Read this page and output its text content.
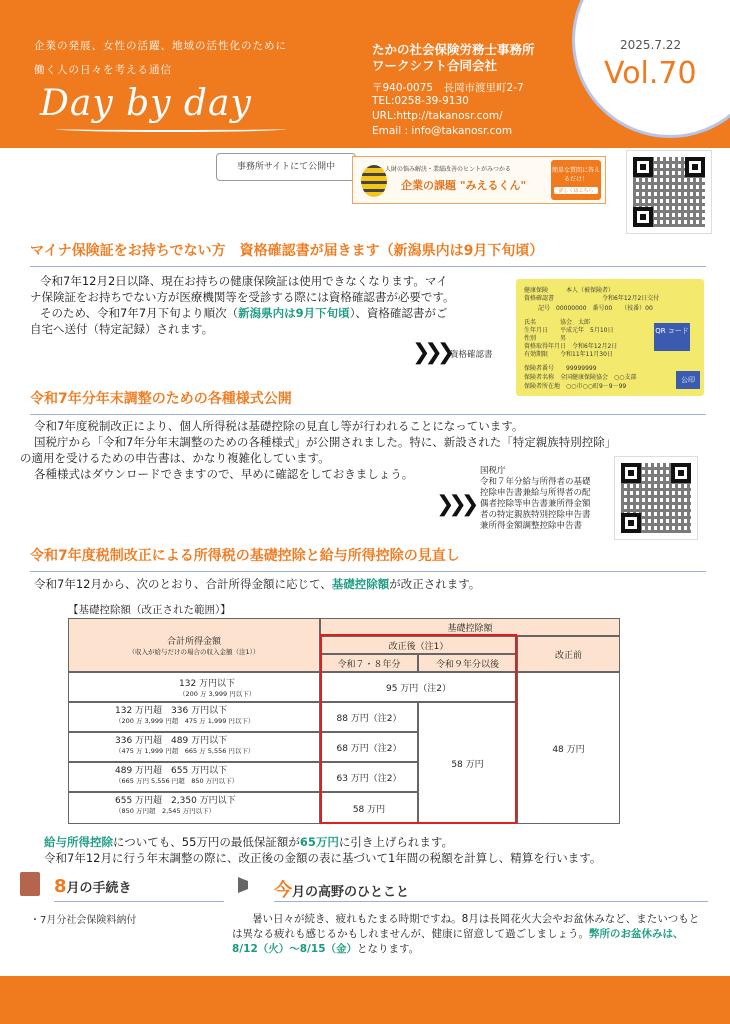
企業の発展、女性の活躍、地域の活性化のために
働く人の日々を考える通信
Day by day
たかの社会保険労務士事務所
ワークシフト合同会社
〒940-0075　長岡市渡里町2-7
TEL:0258-39-9130
URL:http://takanosr.com/
Email : info@takanosr.com
2025.7.22
Vol.70
事務所サイトにて公開中	人財の悩み解決・業績改善のヒントがみつかる
企業の課題 "みえるくん"
簡単な質問に答えるだけ！
詳しくはこちら
マイナ保険証をお持ちでない方　資格確認書が届きます（新潟県内は9月下旬頃）
令和7年12月2日以降、現在お持ちの健康保険証は使用できなくなります。マイ
ナ保険証をお持ちでない方が医療機関等を受診する際には資格確認書が必要です。
そのため、令和7年7月下旬より順次（新潟県内は9月下旬頃）、資格確認書がご
自宅へ送付（特定記録）されます。
❯❯❯ 資格確認書
健康保険　　　本人（被保険者）
資格確認書　　　　　　　　令和6年12月2日交付
記号　00000000　番号00　　（枝番）00
氏名　　　　協会　太郎
生年月日　　平成元年　5月10日
性別　　　　男
資格取得年月日　令和6年12月2日
有効期限　　令和11年11月30日
保険者番号　　99999999
保険者名称　全国健康保険協会　○○支部
保険者所在地　○○市○○町9－9－99
QR コード
公印
令和7年分年末調整のための各種様式公開
令和7年度税制改正により、個人所得税は基礎控除の見直し等が行われることになっています。
国税庁から「令和7年分年末調整のための各種様式」が公開されました。特に、新設された「特定親族特別控除」
の適用を受けるための申告書は、かなり複雑化しています。
各種様式はダウンロードできますので、早めに確認をしておきましょう。
❯❯❯
国税庁
令和７年分給与所得者の基礎
控除申告書兼給与所得者の配
偶者控除等申告書兼所得金額
者の特定親族特別控除申告書
兼所得金額調整控除申告書
令和7年度税制改正による所得税の基礎控除と給与所得控除の見直し
令和7年12月から、次のとおり、合計所得金額に応じて、基礎控除額が改正されます。
【基礎控除額（改正された範囲）】
合計所得金額
（収入が給与だけの場合の収入金額（注1））
基礎控除額
改正後（注1）
令和７・８年分	令和９年分以後
改正前
132 万円以下
（200 万 3,999 円以下）
95 万円（注2）
132 万円超　336 万円以下
（200 万 3,999 円超　475 万 1,999 円以下）	88 万円（注2）
336 万円超　489 万円以下
（475 万 1,999 円超　665 万 5,556 円以下）	68 万円（注2）
489 万円超　655 万円以下
（665 万円 5,556 円超　850 万円以下）	63 万円（注2）
655 万円超　2,350 万円以下
（850 万円超　2,545 万円以下）	58 万円
58 万円
48 万円
給与所得控除についても、55万円の最低保証額が65万円に引き上げられます。
令和7年12月に行う年末調整の際に、改正後の金額の表に基づいて1年間の税額を計算し、精算を行います。
8月の手続き
・7月分社会保険料納付
今月の高野のひとこと
暑い日々が続き、疲れもたまる時期ですね。8月は長岡花火大会やお盆休みなど、またいつもとは異なる疲れも感じるかもしれませんが、健康に留意して過ごしましょう。弊所のお盆休みは、8/12（火）～8/15（金）となります。
